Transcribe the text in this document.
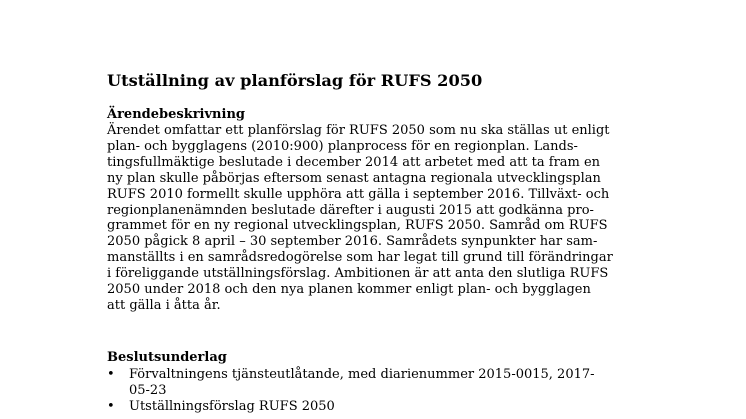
Utställning av planförslag för RUFS 2050
Ärendebeskrivning
Ärendet omfattar ett planförslag för RUFS 2050 som nu ska ställas ut enligt
plan- och bygglagens (2010:900) planprocess för en regionplan. Lands-
tingsfullmäktige beslutade i december 2014 att arbetet med att ta fram en
ny plan skulle påbörjas eftersom senast antagna regionala utvecklingsplan
RUFS 2010 formellt skulle upphöra att gälla i september 2016. Tillväxt- och
regionplanenämnden beslutade därefter i augusti 2015 att godkänna pro-
grammet för en ny regional utvecklingsplan, RUFS 2050. Samråd om RUFS
2050 pågick 8 april – 30 september 2016. Samrådets synpunkter har sam-
manställts i en samrådsredogörelse som har legat till grund till förändringar
i föreliggande utställningsförslag. Ambitionen är att anta den slutliga RUFS
2050 under 2018 och den nya planen kommer enligt plan- och bygglagen
att gälla i åtta år.
Beslutsunderlag
• Förvaltningens tjänsteutlåtande, med diarienummer 2015-0015, 2017-
05-23
• Utställningsförslag RUFS 2050
